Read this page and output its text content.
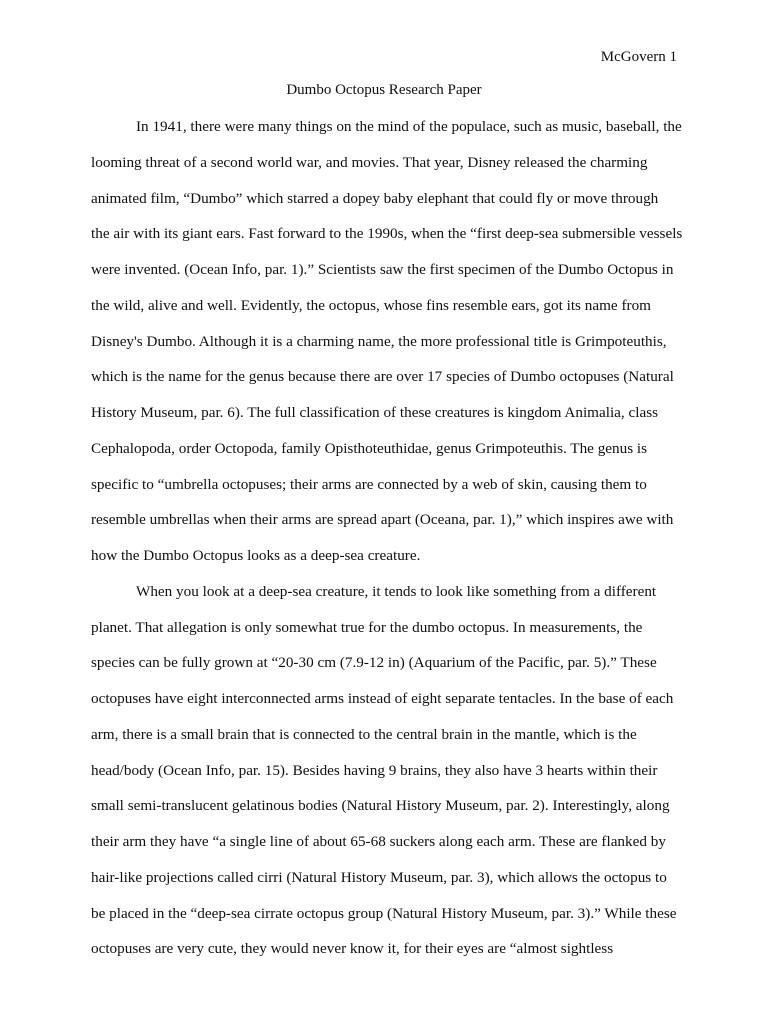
McGovern 1
Dumbo Octopus Research Paper
In 1941, there were many things on the mind of the populace, such as music, baseball, the
looming threat of a second world war, and movies. That year, Disney released the charming
animated film, “Dumbo” which starred a dopey baby elephant that could fly or move through
the air with its giant ears. Fast forward to the 1990s, when the “first deep-sea submersible vessels
were invented. (Ocean Info, par. 1).” Scientists saw the first specimen of the Dumbo Octopus in
the wild, alive and well. Evidently, the octopus, whose fins resemble ears, got its name from
Disney's Dumbo. Although it is a charming name, the more professional title is Grimpoteuthis,
which is the name for the genus because there are over 17 species of Dumbo octopuses (Natural
History Museum, par. 6). The full classification of these creatures is kingdom Animalia, class
Cephalopoda, order Octopoda, family Opisthoteuthidae, genus Grimpoteuthis. The genus is
specific to “umbrella octopuses; their arms are connected by a web of skin, causing them to
resemble umbrellas when their arms are spread apart (Oceana, par. 1),” which inspires awe with
how the Dumbo Octopus looks as a deep-sea creature.
When you look at a deep-sea creature, it tends to look like something from a different
planet. That allegation is only somewhat true for the dumbo octopus. In measurements, the
species can be fully grown at “20-30 cm (7.9-12 in) (Aquarium of the Pacific, par. 5).” These
octopuses have eight interconnected arms instead of eight separate tentacles. In the base of each
arm, there is a small brain that is connected to the central brain in the mantle, which is the
head/body (Ocean Info, par. 15). Besides having 9 brains, they also have 3 hearts within their
small semi-translucent gelatinous bodies (Natural History Museum, par. 2). Interestingly, along
their arm they have “a single line of about 65-68 suckers along each arm. These are flanked by
hair-like projections called cirri (Natural History Museum, par. 3), which allows the octopus to
be placed in the “deep-sea cirrate octopus group (Natural History Museum, par. 3).” While these
octopuses are very cute, they would never know it, for their eyes are “almost sightless
